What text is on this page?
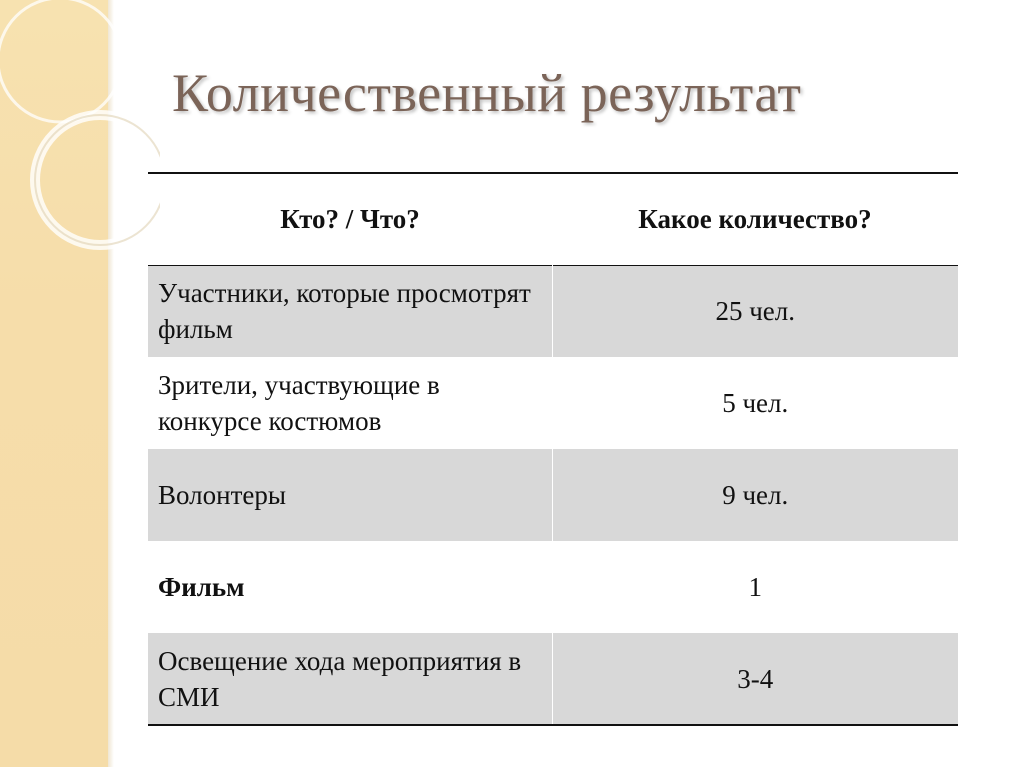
Количественный результат
Кто? / Что?	Какое количество?
Участники, которые просмотрят фильм	25 чел.
Зрители, участвующие в конкурсе костюмов	5 чел.
Волонтеры	9 чел.
Фильм	1
Освещение хода мероприятия в СМИ	3-4
